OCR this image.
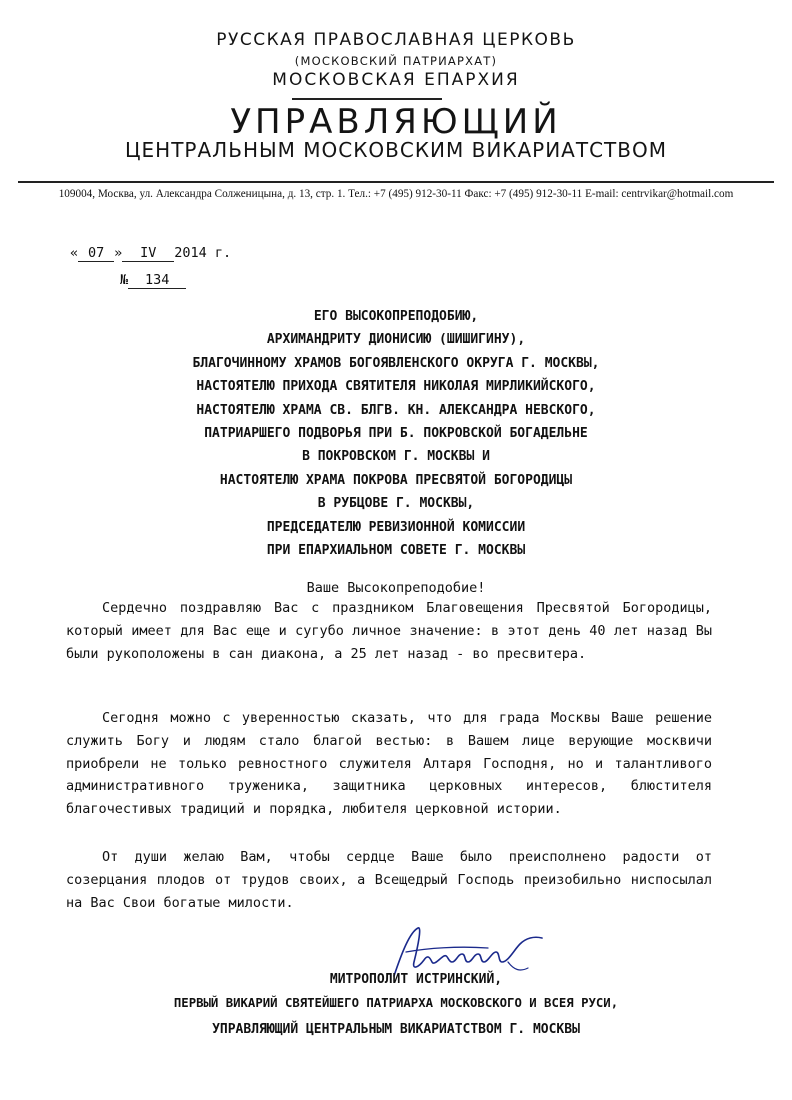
РУССКАЯ ПРАВОСЛАВНАЯ ЦЕРКОВЬ
(МОСКОВСКИЙ ПАТРИАРХАТ)
МОСКОВСКАЯ ЕПАРХИЯ
УПРАВЛЯЮЩИЙ
ЦЕНТРАЛЬНЫМ МОСКОВСКИМ ВИКАРИАТСТВОМ
109004, Москва, ул. Александра Солженицына, д. 13, стр. 1. Тел.: +7 (495) 912-30-11 Факс: +7 (495) 912-30-11 E-mail: centrvikar@hotmail.com
« 07 » IV 2014 г.
№ 134
ЕГО ВЫСОКОПРЕПОДОБИЮ,
АРХИМАНДРИТУ ДИОНИСИЮ (ШИШИГИНУ),
БЛАГОЧИННОМУ ХРАМОВ БОГОЯВЛЕНСКОГО ОКРУГА Г. МОСКВЫ,
НАСТОЯТЕЛЮ ПРИХОДА СВЯТИТЕЛЯ НИКОЛАЯ МИРЛИКИЙСКОГО,
НАСТОЯТЕЛЮ ХРАМА СВ. БЛГВ. КН. АЛЕКСАНДРА НЕВСКОГО,
ПАТРИАРШЕГО ПОДВОРЬЯ ПРИ Б. ПОКРОВСКОЙ БОГАДЕЛЬНЕ
В ПОКРОВСКОМ Г. МОСКВЫ И
НАСТОЯТЕЛЮ ХРАМА ПОКРОВА ПРЕСВЯТОЙ БОГОРОДИЦЫ
В РУБЦОВЕ Г. МОСКВЫ,
ПРЕДСЕДАТЕЛЮ РЕВИЗИОННОЙ КОМИССИИ
ПРИ ЕПАРХИАЛЬНОМ СОВЕТЕ Г. МОСКВЫ
Ваше Высокопреподобие!
Сердечно поздравляю Вас с праздником Благовещения Пресвятой Богородицы, который имеет для Вас еще и сугубо личное значение: в этот день 40 лет назад Вы были рукоположены в сан диакона, а 25 лет назад - во пресвитера.
Сегодня можно с уверенностью сказать, что для града Москвы Ваше решение служить Богу и людям стало благой вестью: в Вашем лице верующие москвичи приобрели не только ревностного служителя Алтаря Господня, но и талантливого административного труженика, защитника церковных интересов, блюстителя благочестивых традиций и порядка, любителя церковной истории.
От души желаю Вам, чтобы сердце Ваше было преисполнено радости от созерцания плодов от трудов своих, а Всещедрый Господь преизобильно ниспосылал на Вас Свои богатые милости.
МИТРОПОЛИТ ИСТРИНСКИЙ,
ПЕРВЫЙ ВИКАРИЙ СВЯТЕЙШЕГО ПАТРИАРХА МОСКОВСКОГО И ВСЕЯ РУСИ,
УПРАВЛЯЮЩИЙ ЦЕНТРАЛЬНЫМ ВИКАРИАТСТВОМ Г. МОСКВЫ
